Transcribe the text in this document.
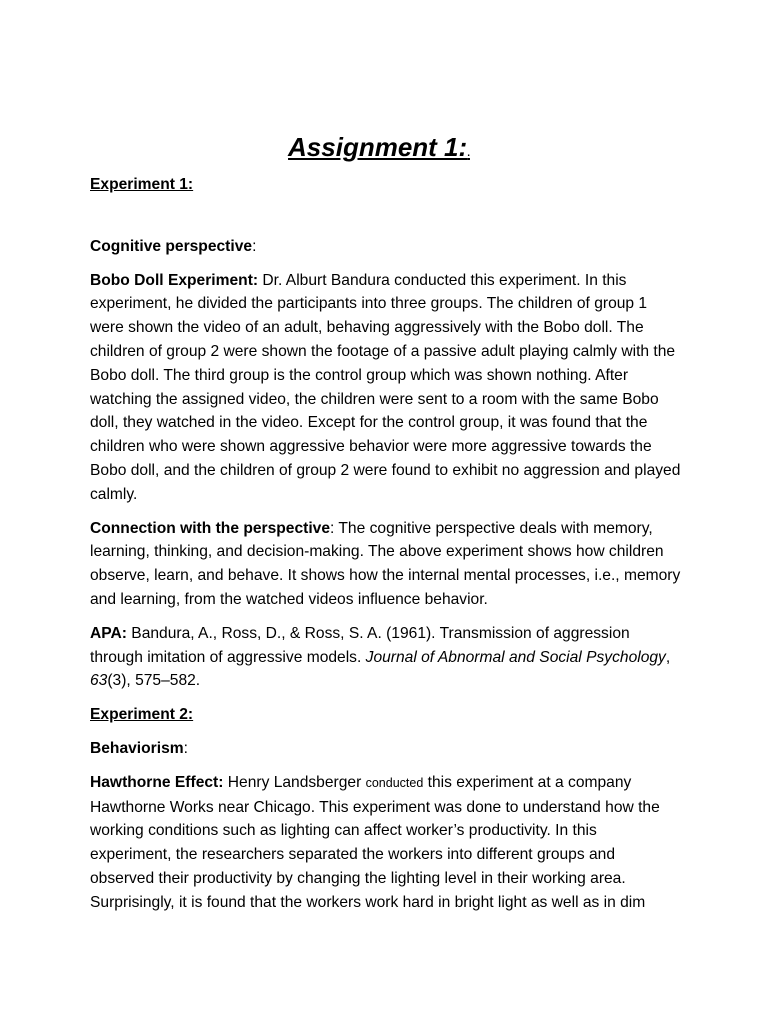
Assignment 1:.

Experiment 1:

Cognitive perspective:

Bobo Doll Experiment: Dr. Alburt Bandura conducted this experiment. In this experiment, he divided the participants into three groups. The children of group 1 were shown the video of an adult, behaving aggressively with the Bobo doll. The children of group 2 were shown the footage of a passive adult playing calmly with the Bobo doll. The third group is the control group which was shown nothing. After watching the assigned video, the children were sent to a room with the same Bobo doll, they watched in the video. Except for the control group, it was found that the children who were shown aggressive behavior were more aggressive towards the Bobo doll, and the children of group 2 were found to exhibit no aggression and played calmly.

Connection with the perspective: The cognitive perspective deals with memory, learning, thinking, and decision-making. The above experiment shows how children observe, learn, and behave. It shows how the internal mental processes, i.e., memory and learning, from the watched videos influence behavior.

APA: Bandura, A., Ross, D., & Ross, S. A. (1961). Transmission of aggression through imitation of aggressive models. Journal of Abnormal and Social Psychology, 63(3), 575–582.

Experiment 2:

Behaviorism:

Hawthorne Effect: Henry Landsberger conducted this experiment at a company Hawthorne Works near Chicago. This experiment was done to understand how the working conditions such as lighting can affect worker’s productivity. In this experiment, the researchers separated the workers into different groups and observed their productivity by changing the lighting level in their working area. Surprisingly, it is found that the workers work hard in bright light as well as in dim
